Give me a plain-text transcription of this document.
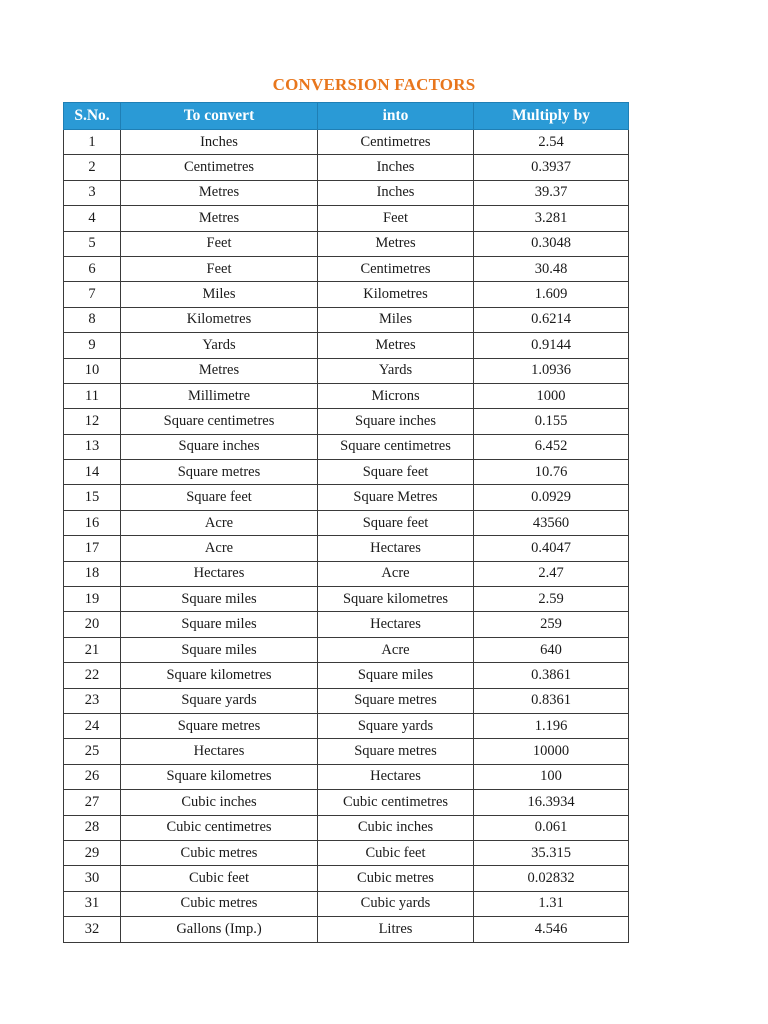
CONVERSION FACTORS
S.No.	To convert	into	Multiply by
1	Inches	Centimetres	2.54
2	Centimetres	Inches	0.3937
3	Metres	Inches	39.37
4	Metres	Feet	3.281
5	Feet	Metres	0.3048
6	Feet	Centimetres	30.48
7	Miles	Kilometres	1.609
8	Kilometres	Miles	0.6214
9	Yards	Metres	0.9144
10	Metres	Yards	1.0936
11	Millimetre	Microns	1000
12	Square centimetres	Square inches	0.155
13	Square inches	Square centimetres	6.452
14	Square metres	Square feet	10.76
15	Square feet	Square Metres	0.0929
16	Acre	Square feet	43560
17	Acre	Hectares	0.4047
18	Hectares	Acre	2.47
19	Square miles	Square kilometres	2.59
20	Square miles	Hectares	259
21	Square miles	Acre	640
22	Square kilometres	Square miles	0.3861
23	Square yards	Square metres	0.8361
24	Square metres	Square yards	1.196
25	Hectares	Square metres	10000
26	Square kilometres	Hectares	100
27	Cubic inches	Cubic centimetres	16.3934
28	Cubic centimetres	Cubic inches	0.061
29	Cubic metres	Cubic feet	35.315
30	Cubic feet	Cubic metres	0.02832
31	Cubic metres	Cubic yards	1.31
32	Gallons (Imp.)	Litres	4.546
